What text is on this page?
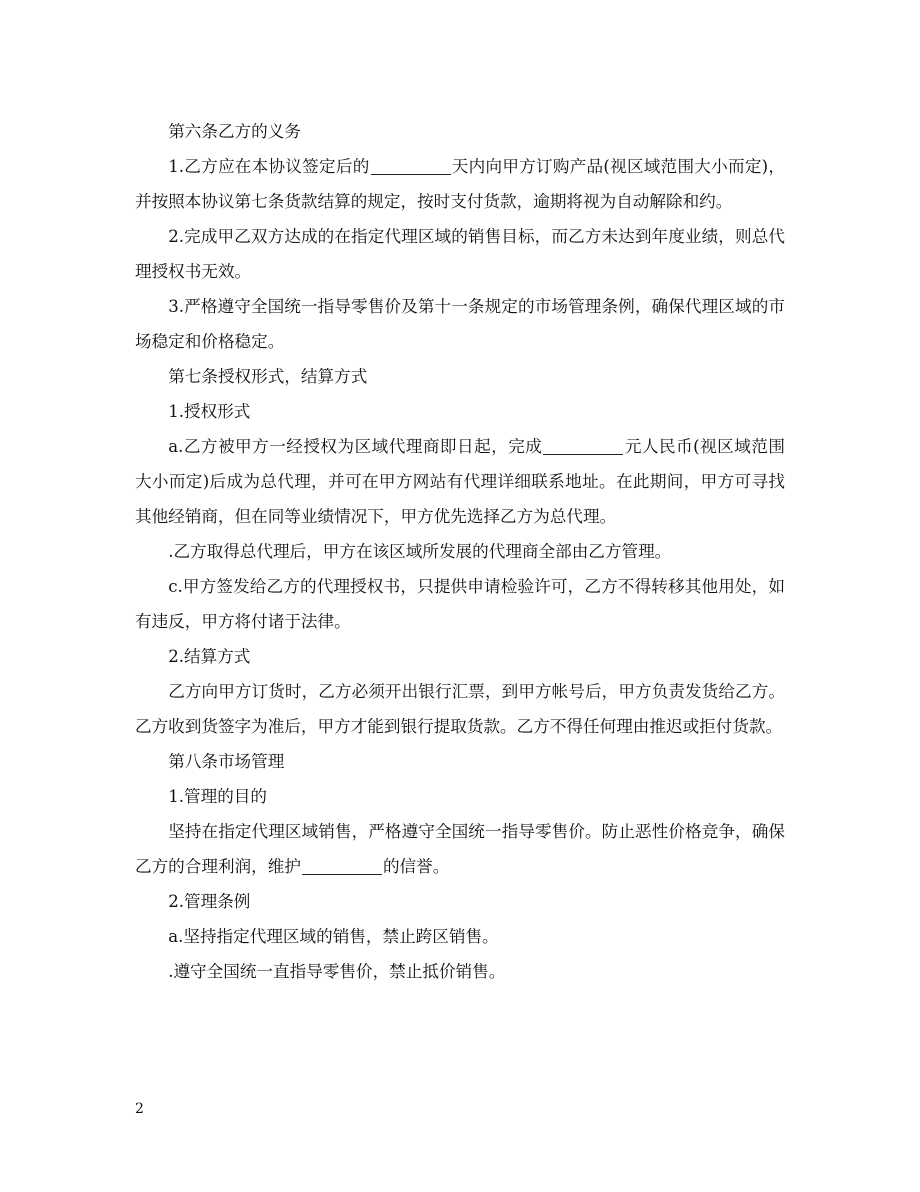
第六条乙方的义务

1.乙方应在本协议签定后的	天内向甲方订购产品(视区域范围大小而定)，并按照本协议第七条货款结算的规定，按时支付货款，逾期将视为自动解除和约。

2.完成甲乙双方达成的在指定代理区域的销售目标，而乙方未达到年度业绩，则总代理授权书无效。

3.严格遵守全国统一指导零售价及第十一条规定的市场管理条例，确保代理区域的市场稳定和价格稳定。

第七条授权形式，结算方式

1.授权形式

a.乙方被甲方一经授权为区域代理商即日起，完成	元人民币(视区域范围大小而定)后成为总代理，并可在甲方网站有代理详细联系地址。在此期间，甲方可寻找其他经销商，但在同等业绩情况下，甲方优先选择乙方为总代理。

.乙方取得总代理后，甲方在该区域所发展的代理商全部由乙方管理。

c.甲方签发给乙方的代理授权书，只提供申请检验许可，乙方不得转移其他用处，如有违反，甲方将付诸于法律。

2.结算方式

乙方向甲方订货时，乙方必须开出银行汇票，到甲方帐号后，甲方负责发货给乙方。乙方收到货签字为准后，甲方才能到银行提取货款。乙方不得任何理由推迟或拒付货款。

第八条市场管理

1.管理的目的

坚持在指定代理区域销售，严格遵守全国统一指导零售价。防止恶性价格竞争，确保乙方的合理利润，维护	的信誉。

2.管理条例

a.坚持指定代理区域的销售，禁止跨区销售。

.遵守全国统一直指导零售价，禁止抵价销售。

2
